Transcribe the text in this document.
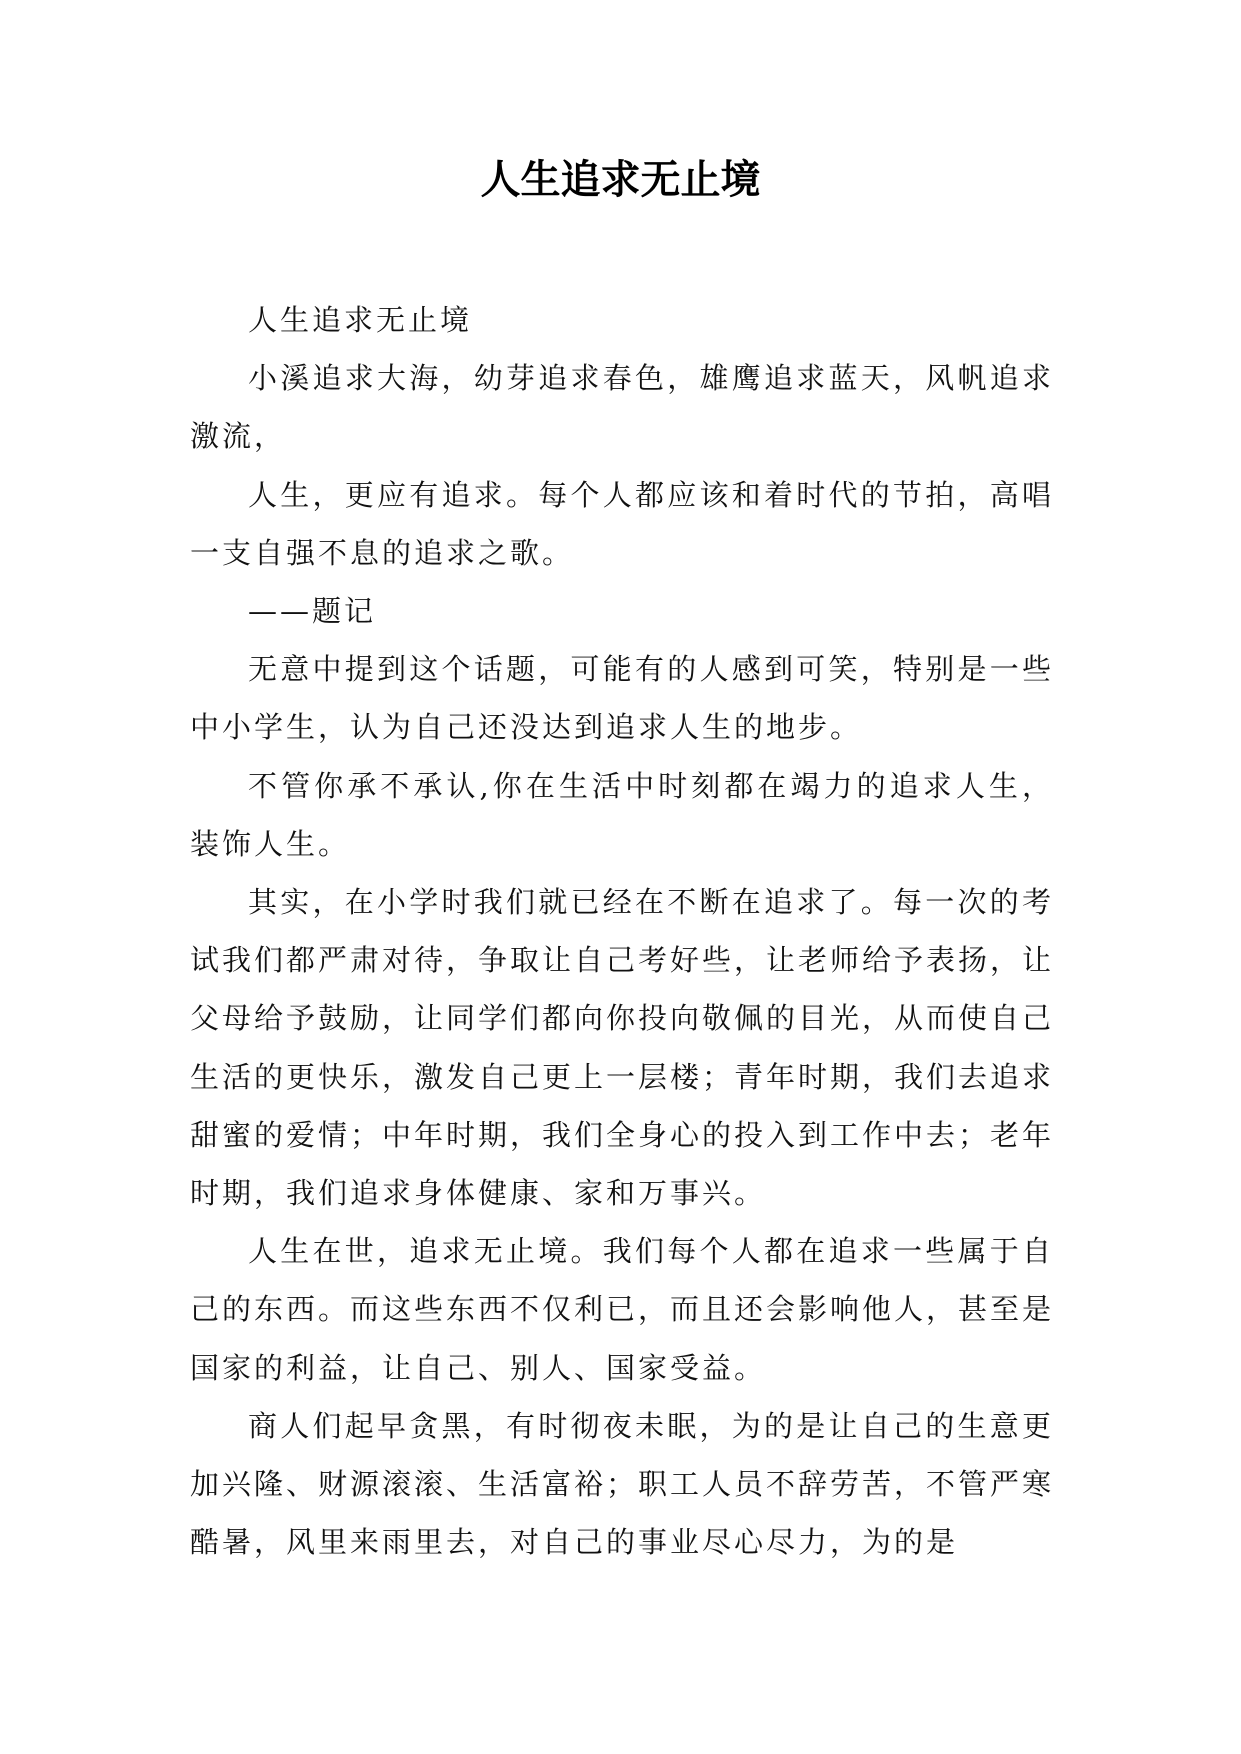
人生追求无止境

人生追求无止境

小溪追求大海，幼芽追求春色，雄鹰追求蓝天，风帆追求激流，

人生，更应有追求。每个人都应该和着时代的节拍，高唱一支自强不息的追求之歌。

——题记

无意中提到这个话题，可能有的人感到可笑，特别是一些中小学生，认为自己还没达到追求人生的地步。

不管你承不承认,你在生活中时刻都在竭力的追求人生，装饰人生。

其实，在小学时我们就已经在不断在追求了。每一次的考试我们都严肃对待，争取让自己考好些，让老师给予表扬，让父母给予鼓励，让同学们都向你投向敬佩的目光，从而使自己生活的更快乐，激发自己更上一层楼；青年时期，我们去追求甜蜜的爱情；中年时期，我们全身心的投入到工作中去；老年时期，我们追求身体健康、家和万事兴。

人生在世，追求无止境。我们每个人都在追求一些属于自己的东西。而这些东西不仅利已，而且还会影响他人，甚至是国家的利益，让自己、别人、国家受益。

商人们起早贪黑，有时彻夜未眠，为的是让自己的生意更加兴隆、财源滚滚、生活富裕；职工人员不辞劳苦，不管严寒酷暑，风里来雨里去，对自己的事业尽心尽力，为的是
